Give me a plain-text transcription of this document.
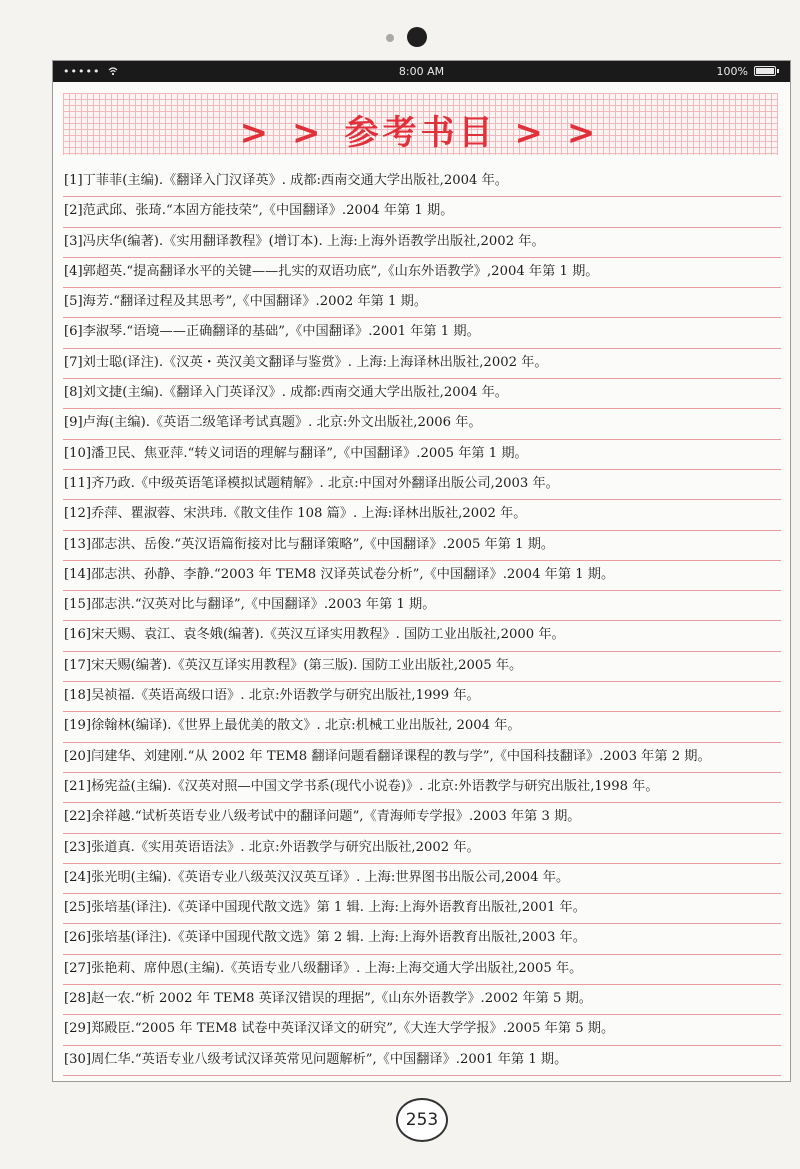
•••••	8:00 AM	100%
> > 参考书目 > >
[1]丁菲菲(主编).《翻译入门汉译英》. 成都:西南交通大学出版社,2004 年。
[2]范武邱、张琦.“本固方能技荣”,《中国翻译》.2004 年第 1 期。
[3]冯庆华(编著).《实用翻译教程》(增订本). 上海:上海外语教学出版社,2002 年。
[4]郭超英.“提高翻译水平的关键——扎实的双语功底”,《山东外语教学》,2004 年第 1 期。
[5]海芳.“翻译过程及其思考”,《中国翻译》.2002 年第 1 期。
[6]李淑琴.“语境——正确翻译的基础”,《中国翻译》.2001 年第 1 期。
[7]刘士聪(译注).《汉英・英汉美文翻译与鉴赏》. 上海:上海译林出版社,2002 年。
[8]刘文捷(主编).《翻译入门英译汉》. 成都:西南交通大学出版社,2004 年。
[9]卢海(主编).《英语二级笔译考试真题》. 北京:外文出版社,2006 年。
[10]潘卫民、焦亚萍.“转义词语的理解与翻译”,《中国翻译》.2005 年第 1 期。
[11]齐乃政.《中级英语笔译模拟试题精解》. 北京:中国对外翻译出版公司,2003 年。
[12]乔萍、瞿淑蓉、宋洪玮.《散文佳作 108 篇》. 上海:译林出版社,2002 年。
[13]邵志洪、岳俊.“英汉语篇衔接对比与翻译策略”,《中国翻译》.2005 年第 1 期。
[14]邵志洪、孙静、李静.“2003 年 TEM8 汉译英试卷分析”,《中国翻译》.2004 年第 1 期。
[15]邵志洪.“汉英对比与翻译”,《中国翻译》.2003 年第 1 期。
[16]宋天赐、袁江、袁冬娥(编著).《英汉互译实用教程》. 国防工业出版社,2000 年。
[17]宋天赐(编著).《英汉互译实用教程》(第三版). 国防工业出版社,2005 年。
[18]吴祯福.《英语高级口语》. 北京:外语教学与研究出版社,1999 年。
[19]徐翰林(编译).《世界上最优美的散文》. 北京:机械工业出版社, 2004 年。
[20]闫建华、刘建刚.“从 2002 年 TEM8 翻译问题看翻译课程的教与学”,《中国科技翻译》.2003 年第 2 期。
[21]杨宪益(主编).《汉英对照—中国文学书系(现代小说卷)》. 北京:外语教学与研究出版社,1998 年。
[22]余祥越.“试析英语专业八级考试中的翻译问题”,《青海师专学报》.2003 年第 3 期。
[23]张道真.《实用英语语法》. 北京:外语教学与研究出版社,2002 年。
[24]张光明(主编).《英语专业八级英汉汉英互译》. 上海:世界图书出版公司,2004 年。
[25]张培基(译注).《英译中国现代散文选》第 1 辑. 上海:上海外语教育出版社,2001 年。
[26]张培基(译注).《英译中国现代散文选》第 2 辑. 上海:上海外语教育出版社,2003 年。
[27]张艳莉、席仲恩(主编).《英语专业八级翻译》. 上海:上海交通大学出版社,2005 年。
[28]赵一农.“析 2002 年 TEM8 英译汉错误的理据”,《山东外语教学》.2002 年第 5 期。
[29]郑殿臣.“2005 年 TEM8 试卷中英译汉译文的研究”,《大连大学学报》.2005 年第 5 期。
[30]周仁华.“英语专业八级考试汉译英常见问题解析”,《中国翻译》.2001 年第 1 期。
253
